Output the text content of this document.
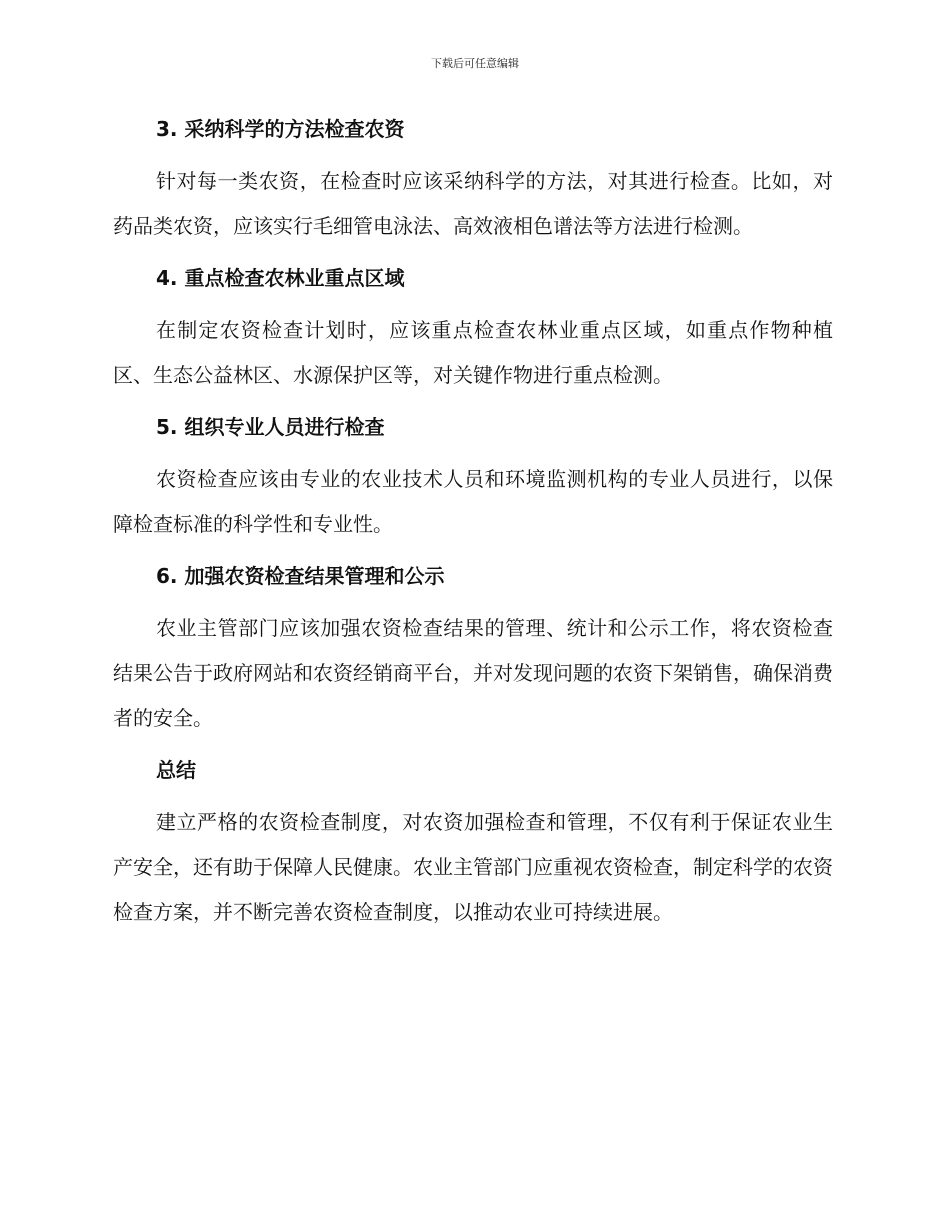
下载后可任意编辑
3. 采纳科学的方法检查农资

针对每一类农资，在检查时应该采纳科学的方法，对其进行检查。比如，对药品类农资，应该实行毛细管电泳法、高效液相色谱法等方法进行检测。

4. 重点检查农林业重点区域

在制定农资检查计划时，应该重点检查农林业重点区域，如重点作物种植区、生态公益林区、水源保护区等，对关键作物进行重点检测。

5. 组织专业人员进行检查

农资检查应该由专业的农业技术人员和环境监测机构的专业人员进行，以保障检查标准的科学性和专业性。

6. 加强农资检查结果管理和公示

农业主管部门应该加强农资检查结果的管理、统计和公示工作，将农资检查结果公告于政府网站和农资经销商平台，并对发现问题的农资下架销售，确保消费者的安全。

总结

建立严格的农资检查制度，对农资加强检查和管理，不仅有利于保证农业生产安全，还有助于保障人民健康。农业主管部门应重视农资检查，制定科学的农资检查方案，并不断完善农资检查制度，以推动农业可持续进展。
